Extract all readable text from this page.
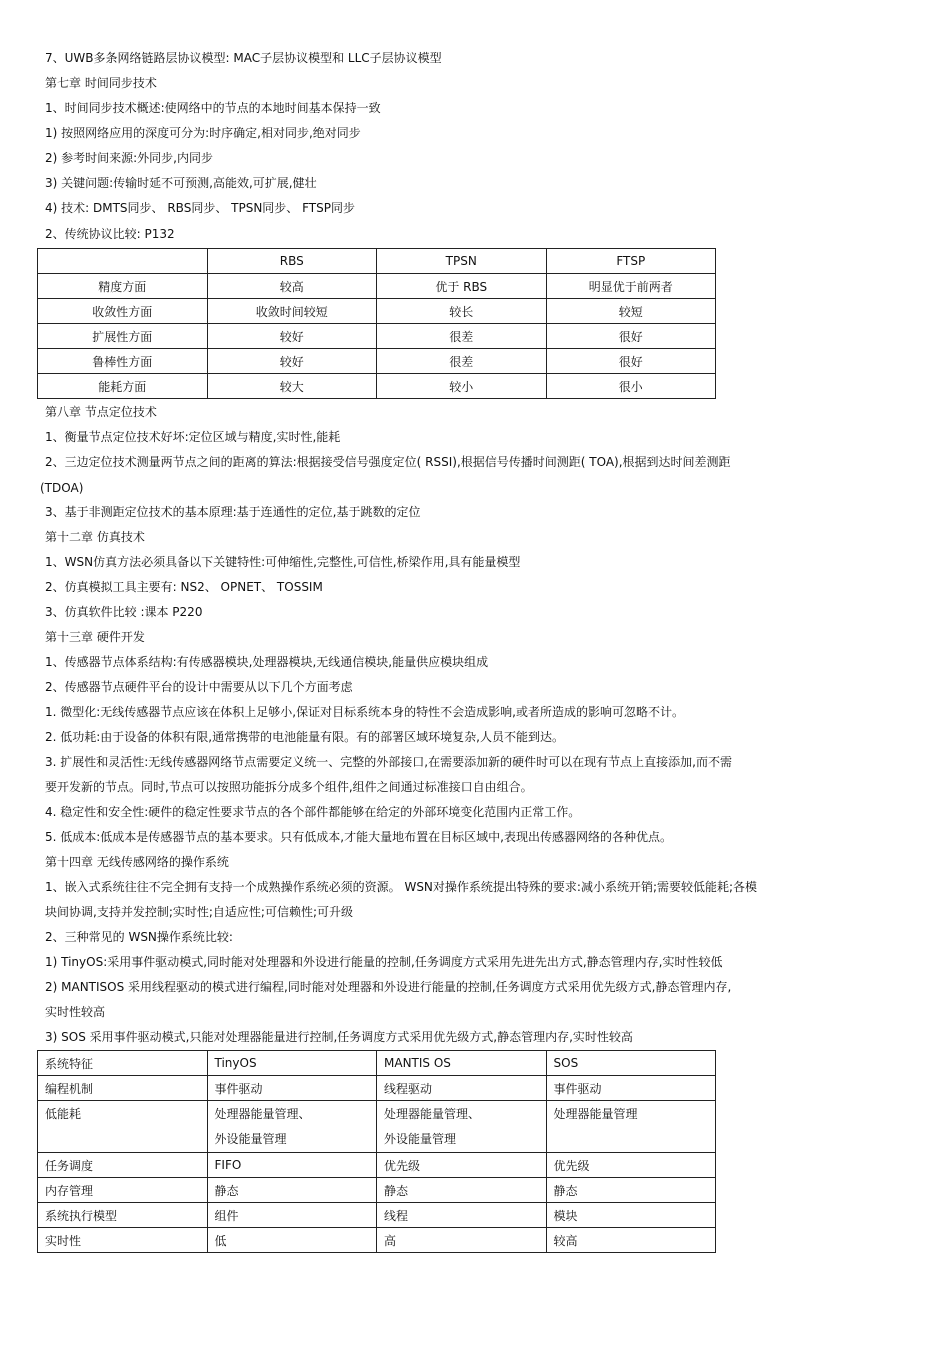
7、UWB多条网络链路层协议模型: MAC子层协议模型和 LLC子层协议模型
第七章 时间同步技术
1、时间同步技术概述:使网络中的节点的本地时间基本保持一致
1) 按照网络应用的深度可分为:时序确定,相对同步,绝对同步
2) 参考时间来源:外同步,内同步
3) 关键问题:传输时延不可预测,高能效,可扩展,健壮
4) 技术: DMTS同步、 RBS同步、 TPSN同步、 FTSP同步
2、传统协议比较: P132
	RBS	TPSN	FTSP
精度方面	较高	优于 RBS	明显优于前两者
收敛性方面	收敛时间较短	较长	较短
扩展性方面	较好	很差	很好
鲁棒性方面	较好	很差	很好
能耗方面	较大	较小	很小
第八章 节点定位技术
1、衡量节点定位技术好坏:定位区域与精度,实时性,能耗
2、三边定位技术测量两节点之间的距离的算法:根据接受信号强度定位( RSSI),根据信号传播时间测距( TOA),根据到达时间差测距
(TDOA)
3、基于非测距定位技术的基本原理:基于连通性的定位,基于跳数的定位
第十二章 仿真技术
1、WSN仿真方法必须具备以下关键特性:可伸缩性,完整性,可信性,桥梁作用,具有能量模型
2、仿真模拟工具主要有: NS2、 OPNET、 TOSSIM
3、仿真软件比较 :课本 P220
第十三章 硬件开发
1、传感器节点体系结构:有传感器模块,处理器模块,无线通信模块,能量供应模块组成
2、传感器节点硬件平台的设计中需要从以下几个方面考虑
1. 微型化:无线传感器节点应该在体积上足够小,保证对目标系统本身的特性不会造成影响,或者所造成的影响可忽略不计。
2. 低功耗:由于设备的体积有限,通常携带的电池能量有限。有的部署区域环境复杂,人员不能到达。
3. 扩展性和灵活性:无线传感器网络节点需要定义统一、完整的外部接口,在需要添加新的硬件时可以在现有节点上直接添加,而不需
要开发新的节点。同时,节点可以按照功能拆分成多个组件,组件之间通过标准接口自由组合。
4. 稳定性和安全性:硬件的稳定性要求节点的各个部件都能够在给定的外部环境变化范围内正常工作。
5. 低成本:低成本是传感器节点的基本要求。只有低成本,才能大量地布置在目标区域中,表现出传感器网络的各种优点。
第十四章 无线传感网络的操作系统
1、嵌入式系统往往不完全拥有支持一个成熟操作系统必须的资源。 WSN对操作系统提出特殊的要求:减小系统开销;需要较低能耗;各模
块间协调,支持并发控制;实时性;自适应性;可信赖性;可升级
2、三种常见的 WSN操作系统比较:
1) TinyOS:采用事件驱动模式,同时能对处理器和外设进行能量的控制,任务调度方式采用先进先出方式,静态管理内存,实时性较低
2) MANTISOS 采用线程驱动的模式进行编程,同时能对处理器和外设进行能量的控制,任务调度方式采用优先级方式,静态管理内存,
实时性较高
3) SOS 采用事件驱动模式,只能对处理器能量进行控制,任务调度方式采用优先级方式,静态管理内存,实时性较高
系统特征	TinyOS	MANTIS OS	SOS
编程机制	事件驱动	线程驱动	事件驱动
低能耗	处理器能量管理、
外设能量管理	处理器能量管理、
外设能量管理	处理器能量管理
任务调度	FIFO	优先级	优先级
内存管理	静态	静态	静态
系统执行模型	组件	线程	模块
实时性	低	高	较高
